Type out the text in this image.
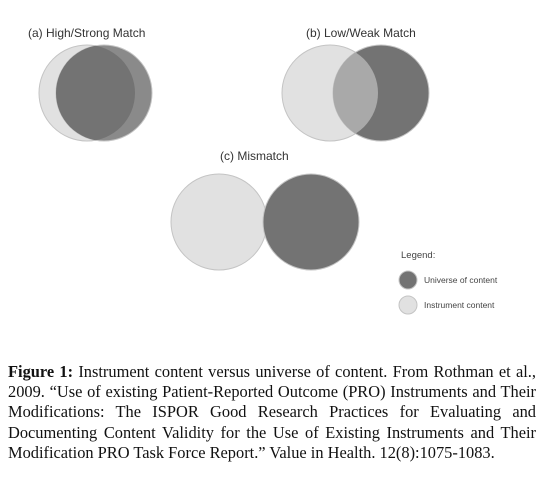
(a) High/Strong Match	(b) Low/Weak Match
(c) Mismatch
Legend:
Universe of content
Instrument content

Figure 1: Instrument content versus universe of content. From Rothman et al., 2009. “Use of existing Patient-Reported Outcome (PRO) Instruments and Their Modifications: The ISPOR Good Research Practices for Evaluating and Documenting Content Validity for the Use of Existing Instruments and Their Modification PRO Task Force Report.” Value in Health. 12(8):1075-1083.
